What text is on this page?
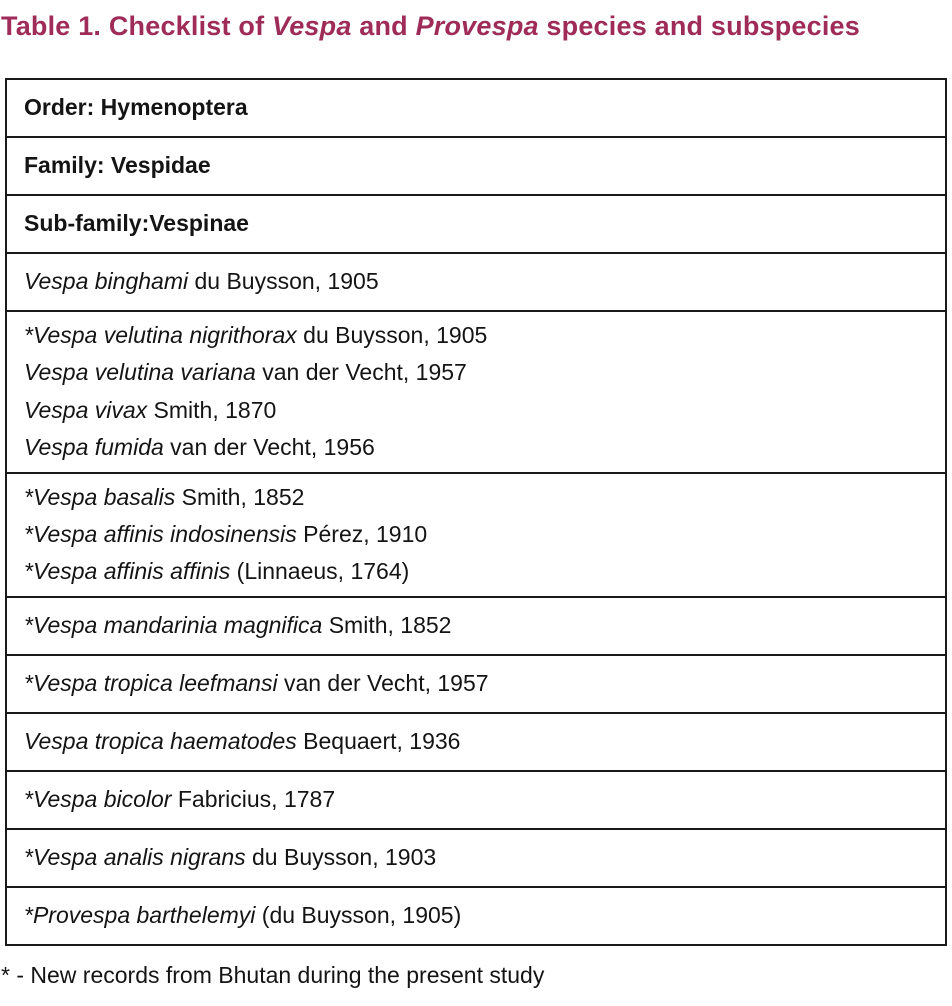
Table 1. Checklist of Vespa and Provespa species and subspecies
Order: Hymenoptera

Family: Vespidae

Sub-family:Vespinae

Vespa binghami du Buysson, 1905

*Vespa velutina nigrithorax du Buysson, 1905
Vespa velutina variana van der Vecht, 1957
Vespa vivax Smith, 1870
Vespa fumida van der Vecht, 1956

*Vespa basalis Smith, 1852
*Vespa affinis indosinensis Pérez, 1910
*Vespa affinis affinis (Linnaeus, 1764)

*Vespa mandarinia magnifica Smith, 1852

*Vespa tropica leefmansi van der Vecht, 1957

Vespa tropica haematodes Bequaert, 1936

*Vespa bicolor Fabricius, 1787

*Vespa analis nigrans du Buysson, 1903

*Provespa barthelemyi (du Buysson, 1905)

* - New records from Bhutan during the present study
